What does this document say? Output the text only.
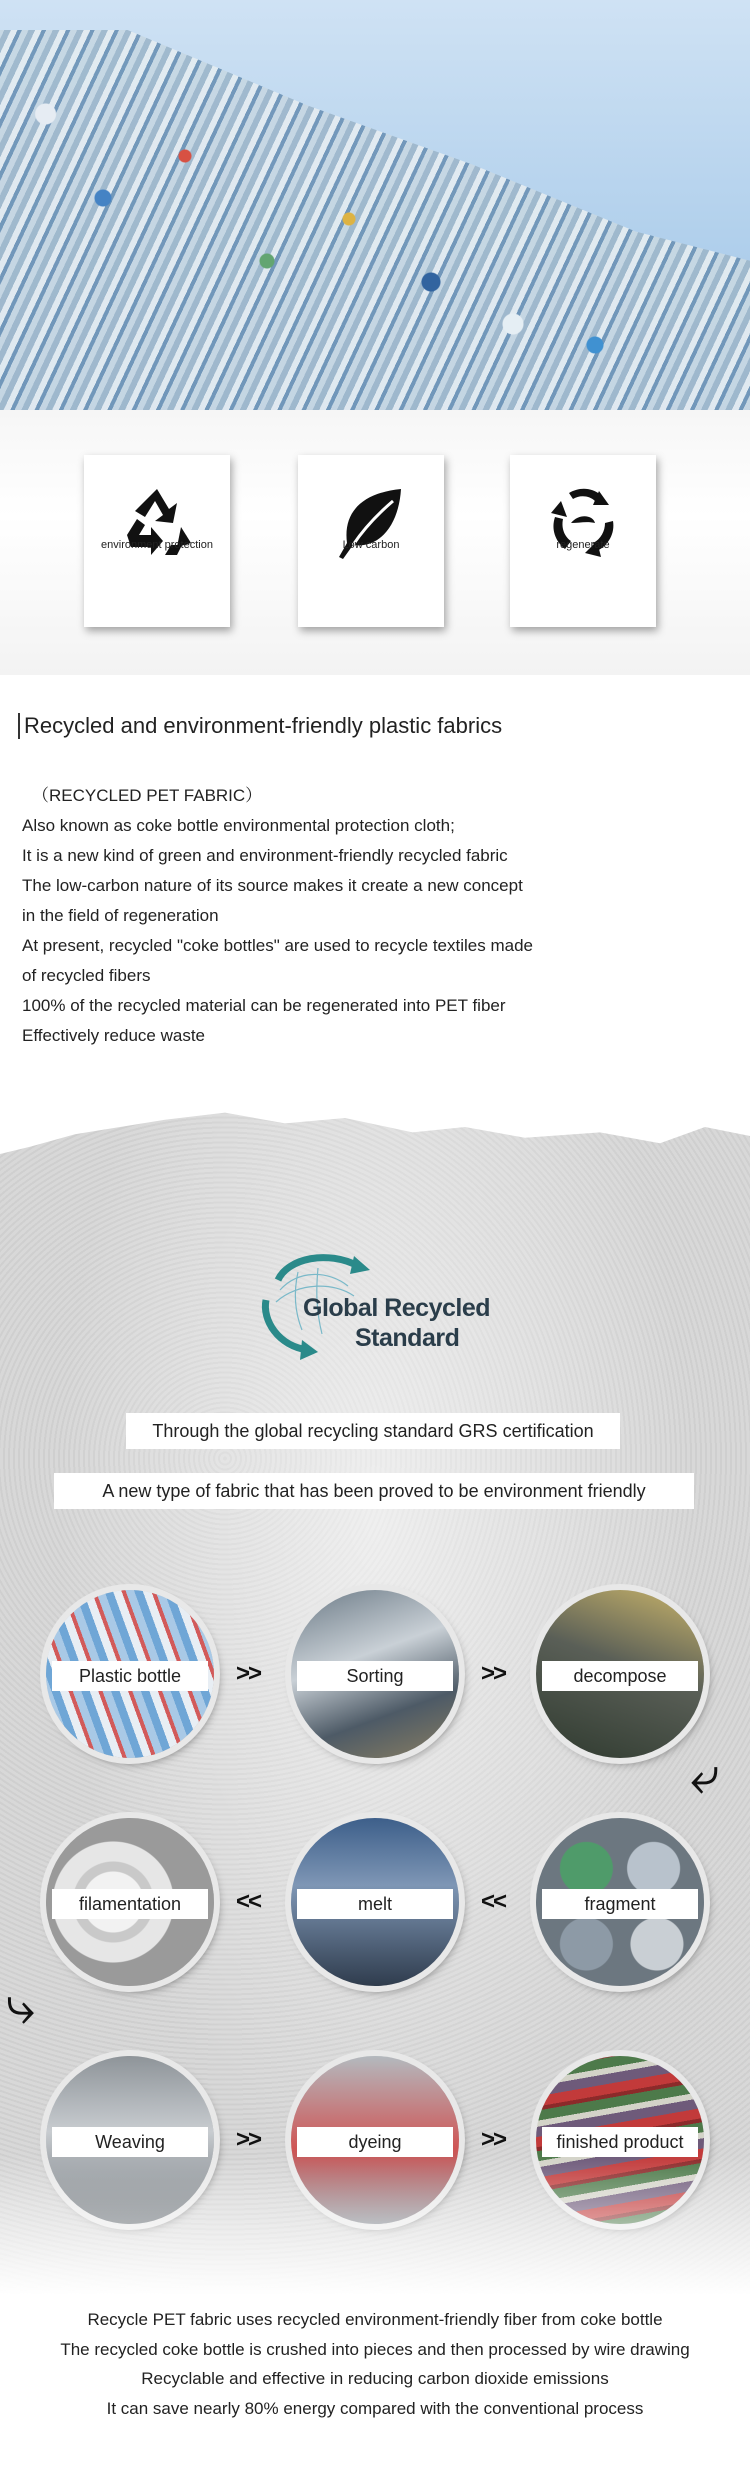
environment protection	Low carbon	regenerate
Recycled and environment-friendly plastic fabrics
（RECYCLED PET FABRIC）
Also known as coke bottle environmental protection cloth;
It is a new kind of green and environment-friendly recycled fabric
The low-carbon nature of its source makes it create a new concept
in the field of regeneration
At present, recycled "coke bottles" are used to recycle textiles made
of recycled fibers
100% of the recycled material can be regenerated into PET fiber
Effectively reduce waste
Global Recycled
Standard
Through the global recycling standard GRS certification
A new type of fabric that has been proved to be environment friendly
Plastic bottle	>>	Sorting	>>	decompose
⤶
filamentation	<<	melt	<<	fragment
⤷
Weaving	>>	dyeing	>>	finished product
Recycle PET fabric uses recycled environment-friendly fiber from coke bottle
The recycled coke bottle is crushed into pieces and then processed by wire drawing
Recyclable and effective in reducing carbon dioxide emissions
It can save nearly 80% energy compared with the conventional process
